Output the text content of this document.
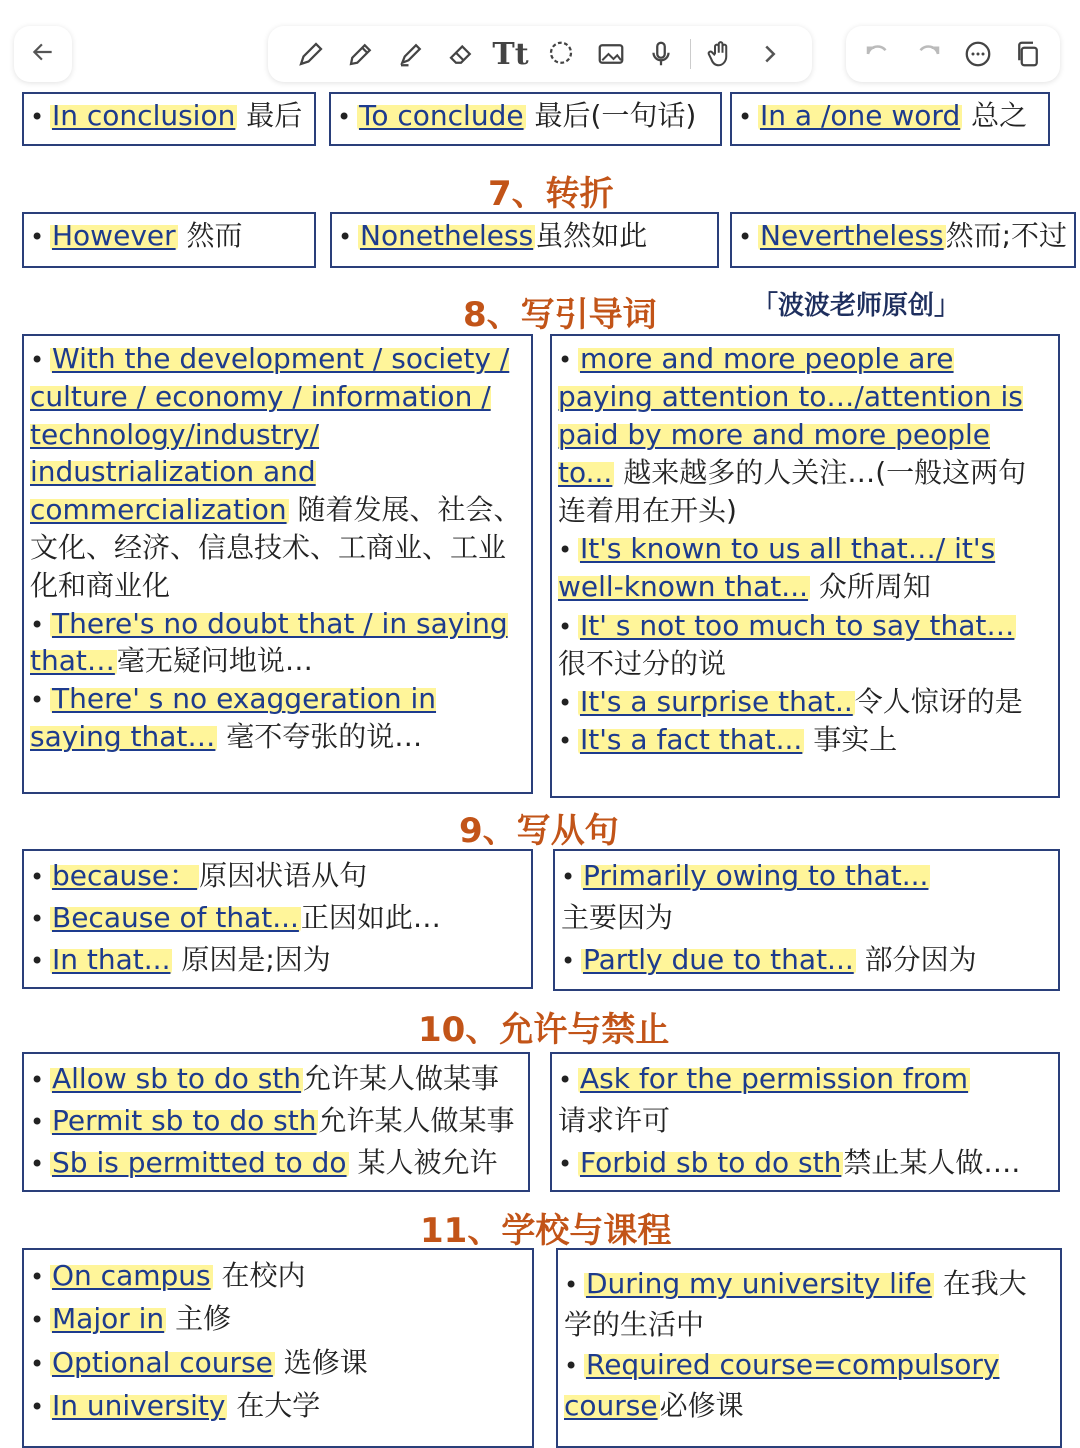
Tt
• In conclusion 最后	• To conclude 最后(一句话)	• In a /one word 总之
7、转折
• However 然而	• Nonetheless虽然如此	• Nevertheless然而;不过
8、写引导词	「波波老师原创」
• With the development / society / culture / economy / information / technology/industry/ industrialization and commercialization 随着发展、社会、文化、经济、信息技术、工商业、工业化和商业化
• There's no doubt that / in saying that…毫无疑问地说…
• There' s no exaggeration in saying that… 毫不夸张的说…
• more and more people are paying attention to…/attention is paid by more and more people to... 越来越多的人关注…(一般这两句连着用在开头)
• It's known to us all that…/ it's well-known that... 众所周知
• It' s not too much to say that… 很不过分的说
• It's a surprise that..令人惊讶的是
• It's a fact that... 事实上
9、写从句
• because：原因状语从句
• Because of that...正因如此…
• In that... 原因是;因为
• Primarily owing to that...
主要因为
• Partly due to that... 部分因为
10、允许与禁止
• Allow sb to do sth允许某人做某事
• Permit sb to do sth允许某人做某事
• Sb is permitted to do 某人被允许
• Ask for the permission from
请求许可
• Forbid sb to do sth禁止某人做….
11、学校与课程
• On campus 在校内
• Major in 主修
• Optional course 选修课
• In university 在大学
• During my university life 在我大学的生活中
• Required course=compulsory course必修课
